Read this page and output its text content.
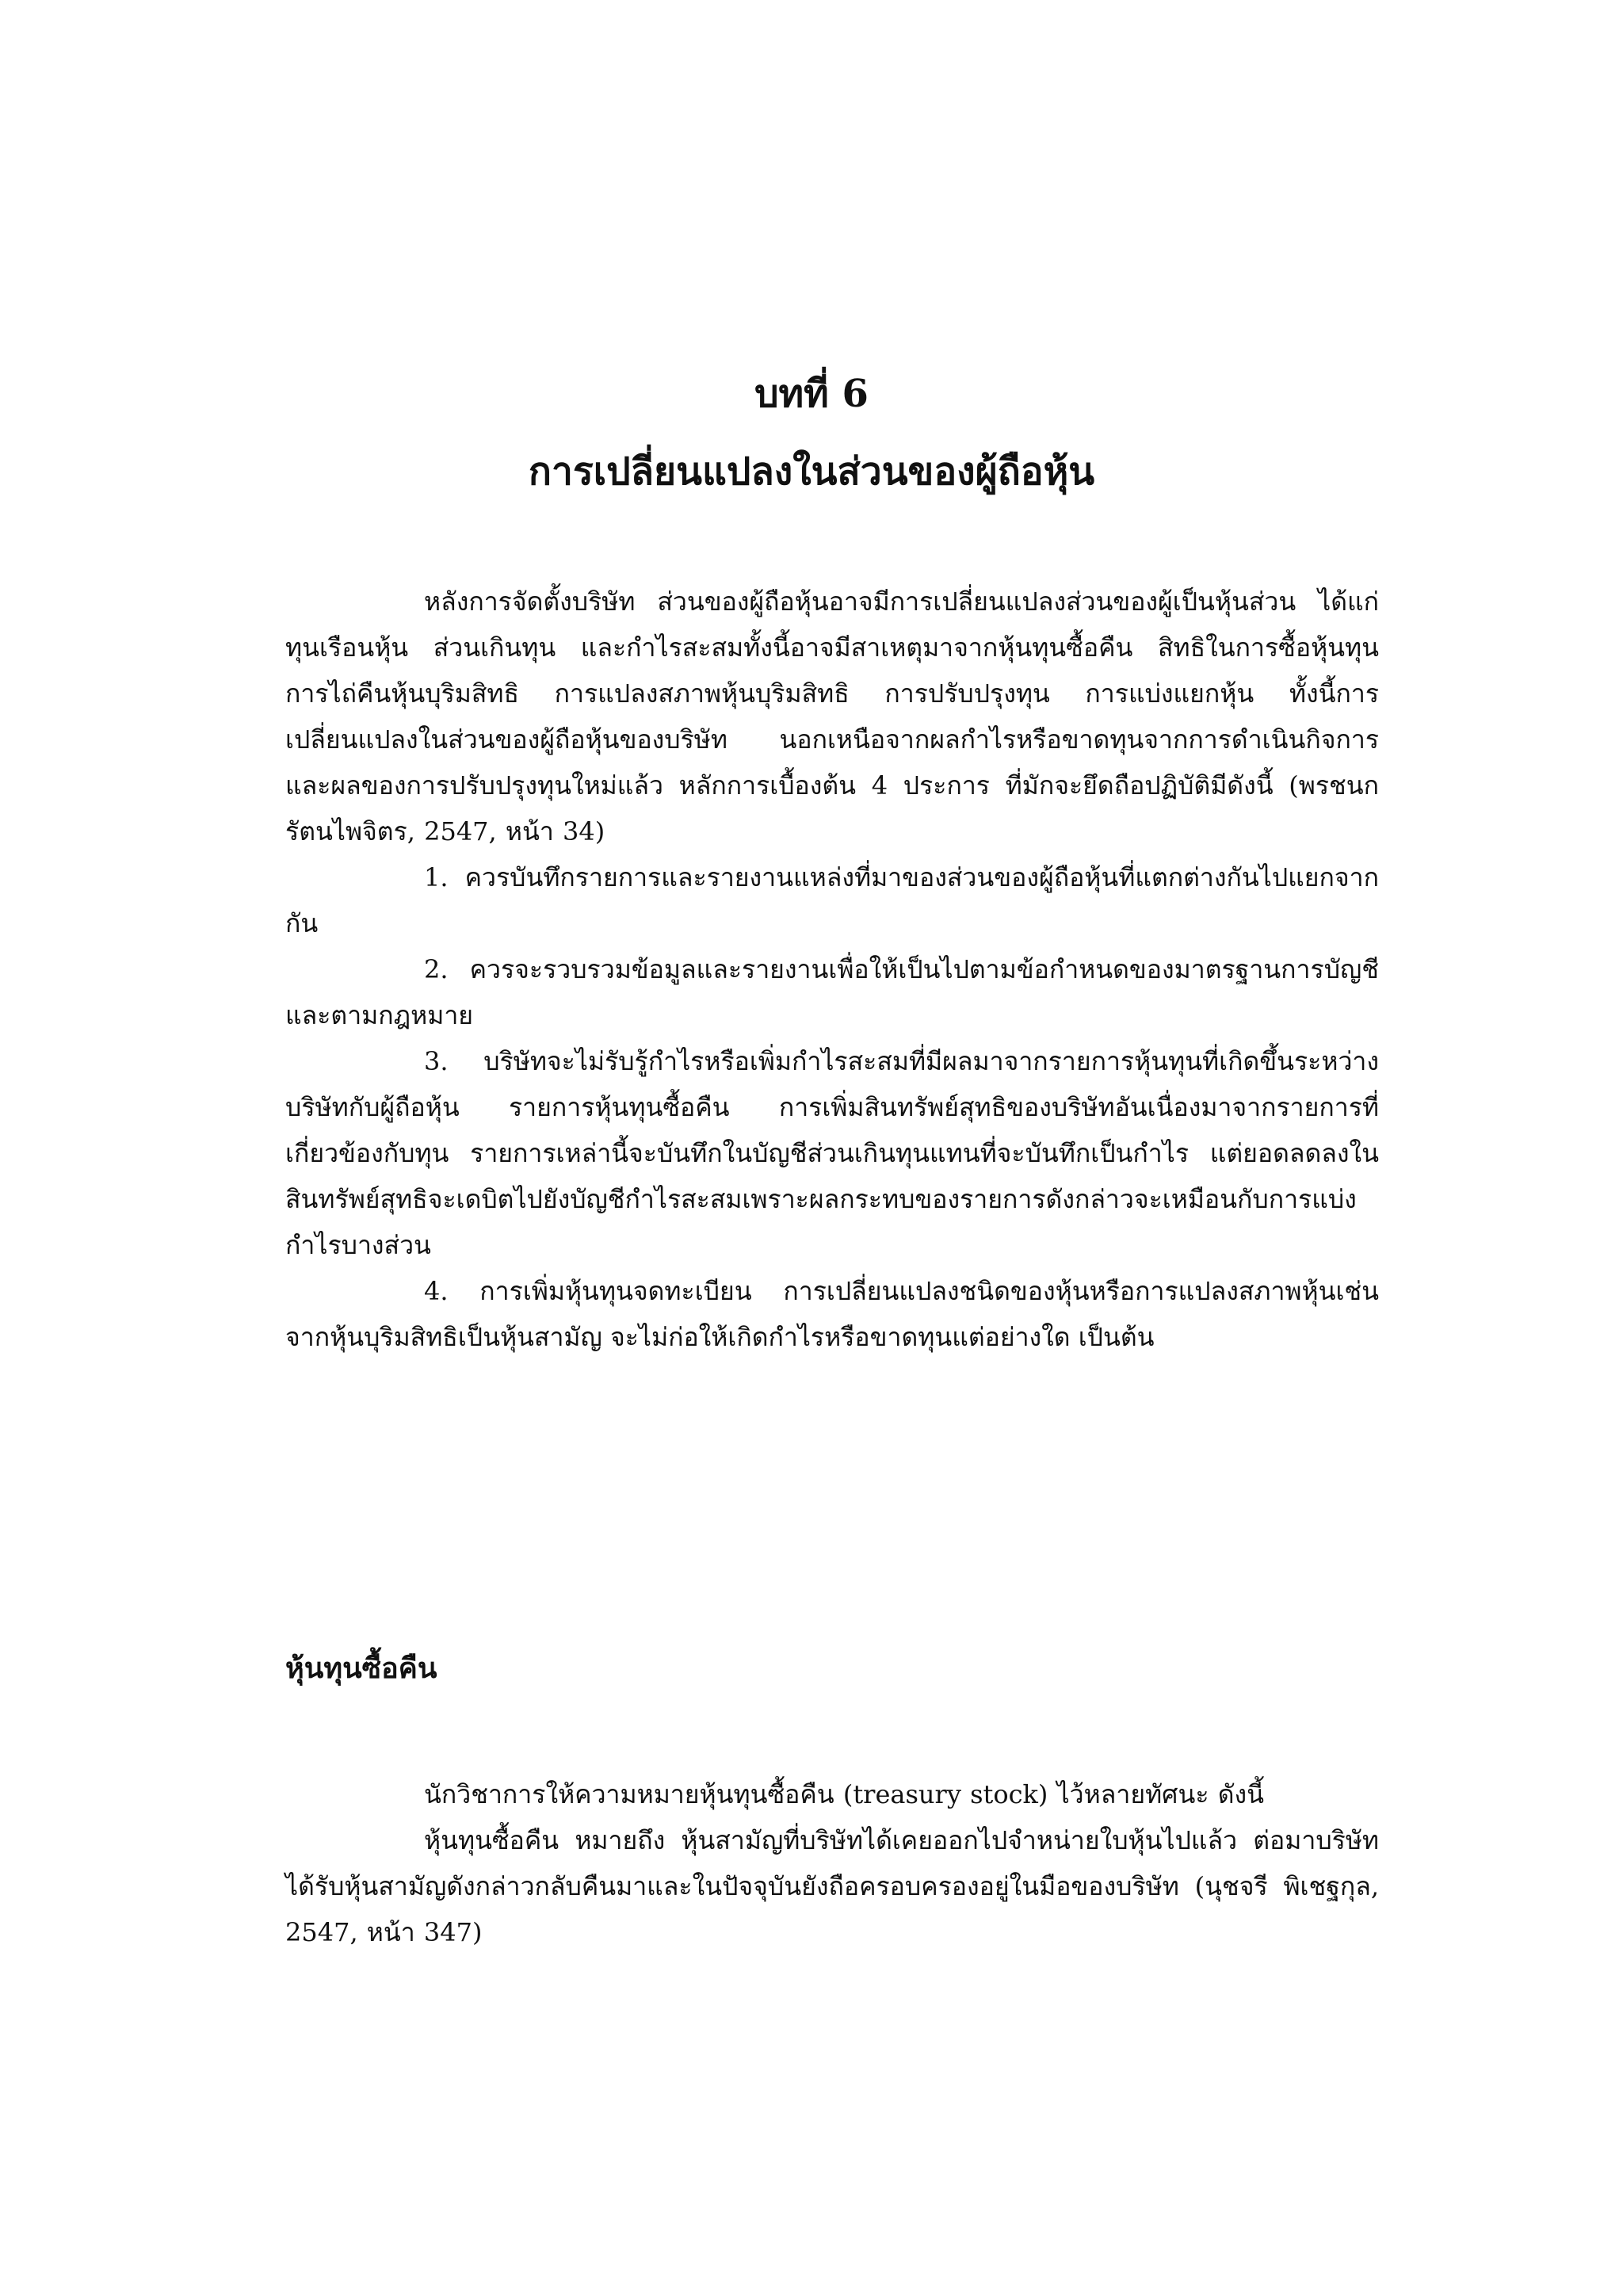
บทที่ 6
การเปลี่ยนแปลงในส่วนของผู้ถือหุ้น

หลังการจัดตั้งบริษัท ส่วนของผู้ถือหุ้นอาจมีการเปลี่ยนแปลงส่วนของผู้เป็นหุ้นส่วน ได้แก่ ทุนเรือนหุ้น ส่วนเกินทุน และกำไรสะสมทั้งนี้อาจมีสาเหตุมาจากหุ้นทุนซื้อคืน สิทธิในการซื้อหุ้นทุน การไถ่คืนหุ้นบุริมสิทธิ การแปลงสภาพหุ้นบุริมสิทธิ การปรับปรุงทุน การแบ่งแยกหุ้น ทั้งนี้การเปลี่ยนแปลงในส่วนของผู้ถือหุ้นของบริษัท นอกเหนือจากผลกำไรหรือขาดทุนจากการดำเนินกิจการ และผลของการปรับปรุงทุนใหม่แล้ว หลักการเบื้องต้น 4 ประการ ที่มักจะยึดถือปฏิบัติมีดังนี้ (พรชนก รัตนไพจิตร, 2547, หน้า 34)

1. ควรบันทึกรายการและรายงานแหล่งที่มาของส่วนของผู้ถือหุ้นที่แตกต่างกันไปแยกจากกัน

2. ควรจะรวบรวมข้อมูลและรายงานเพื่อให้เป็นไปตามข้อกำหนดของมาตรฐานการบัญชีและตามกฎหมาย

3. บริษัทจะไม่รับรู้กำไรหรือเพิ่มกำไรสะสมที่มีผลมาจากรายการหุ้นทุนที่เกิดขึ้นระหว่างบริษัทกับผู้ถือหุ้น รายการหุ้นทุนซื้อคืน การเพิ่มสินทรัพย์สุทธิของบริษัทอันเนื่องมาจากรายการที่เกี่ยวข้องกับทุน รายการเหล่านี้จะบันทึกในบัญชีส่วนเกินทุนแทนที่จะบันทึกเป็นกำไร แต่ยอดลดลงในสินทรัพย์สุทธิจะเดบิตไปยังบัญชีกำไรสะสมเพราะผลกระทบของรายการดังกล่าวจะเหมือนกับการแบ่งกำไรบางส่วน

4. การเพิ่มหุ้นทุนจดทะเบียน การเปลี่ยนแปลงชนิดของหุ้นหรือการแปลงสภาพหุ้นเช่น จากหุ้นบุริมสิทธิเป็นหุ้นสามัญ จะไม่ก่อให้เกิดกำไรหรือขาดทุนแต่อย่างใด เป็นต้น

หุ้นทุนซื้อคืน

นักวิชาการให้ความหมายหุ้นทุนซื้อคืน (treasury stock) ไว้หลายทัศนะ ดังนี้

หุ้นทุนซื้อคืน หมายถึง หุ้นสามัญที่บริษัทได้เคยออกไปจำหน่ายใบหุ้นไปแล้ว ต่อมาบริษัทได้รับหุ้นสามัญดังกล่าวกลับคืนมาและในปัจจุบันยังถือครอบครองอยู่ในมือของบริษัท (นุชจรี พิเชฐกุล, 2547, หน้า 347)
